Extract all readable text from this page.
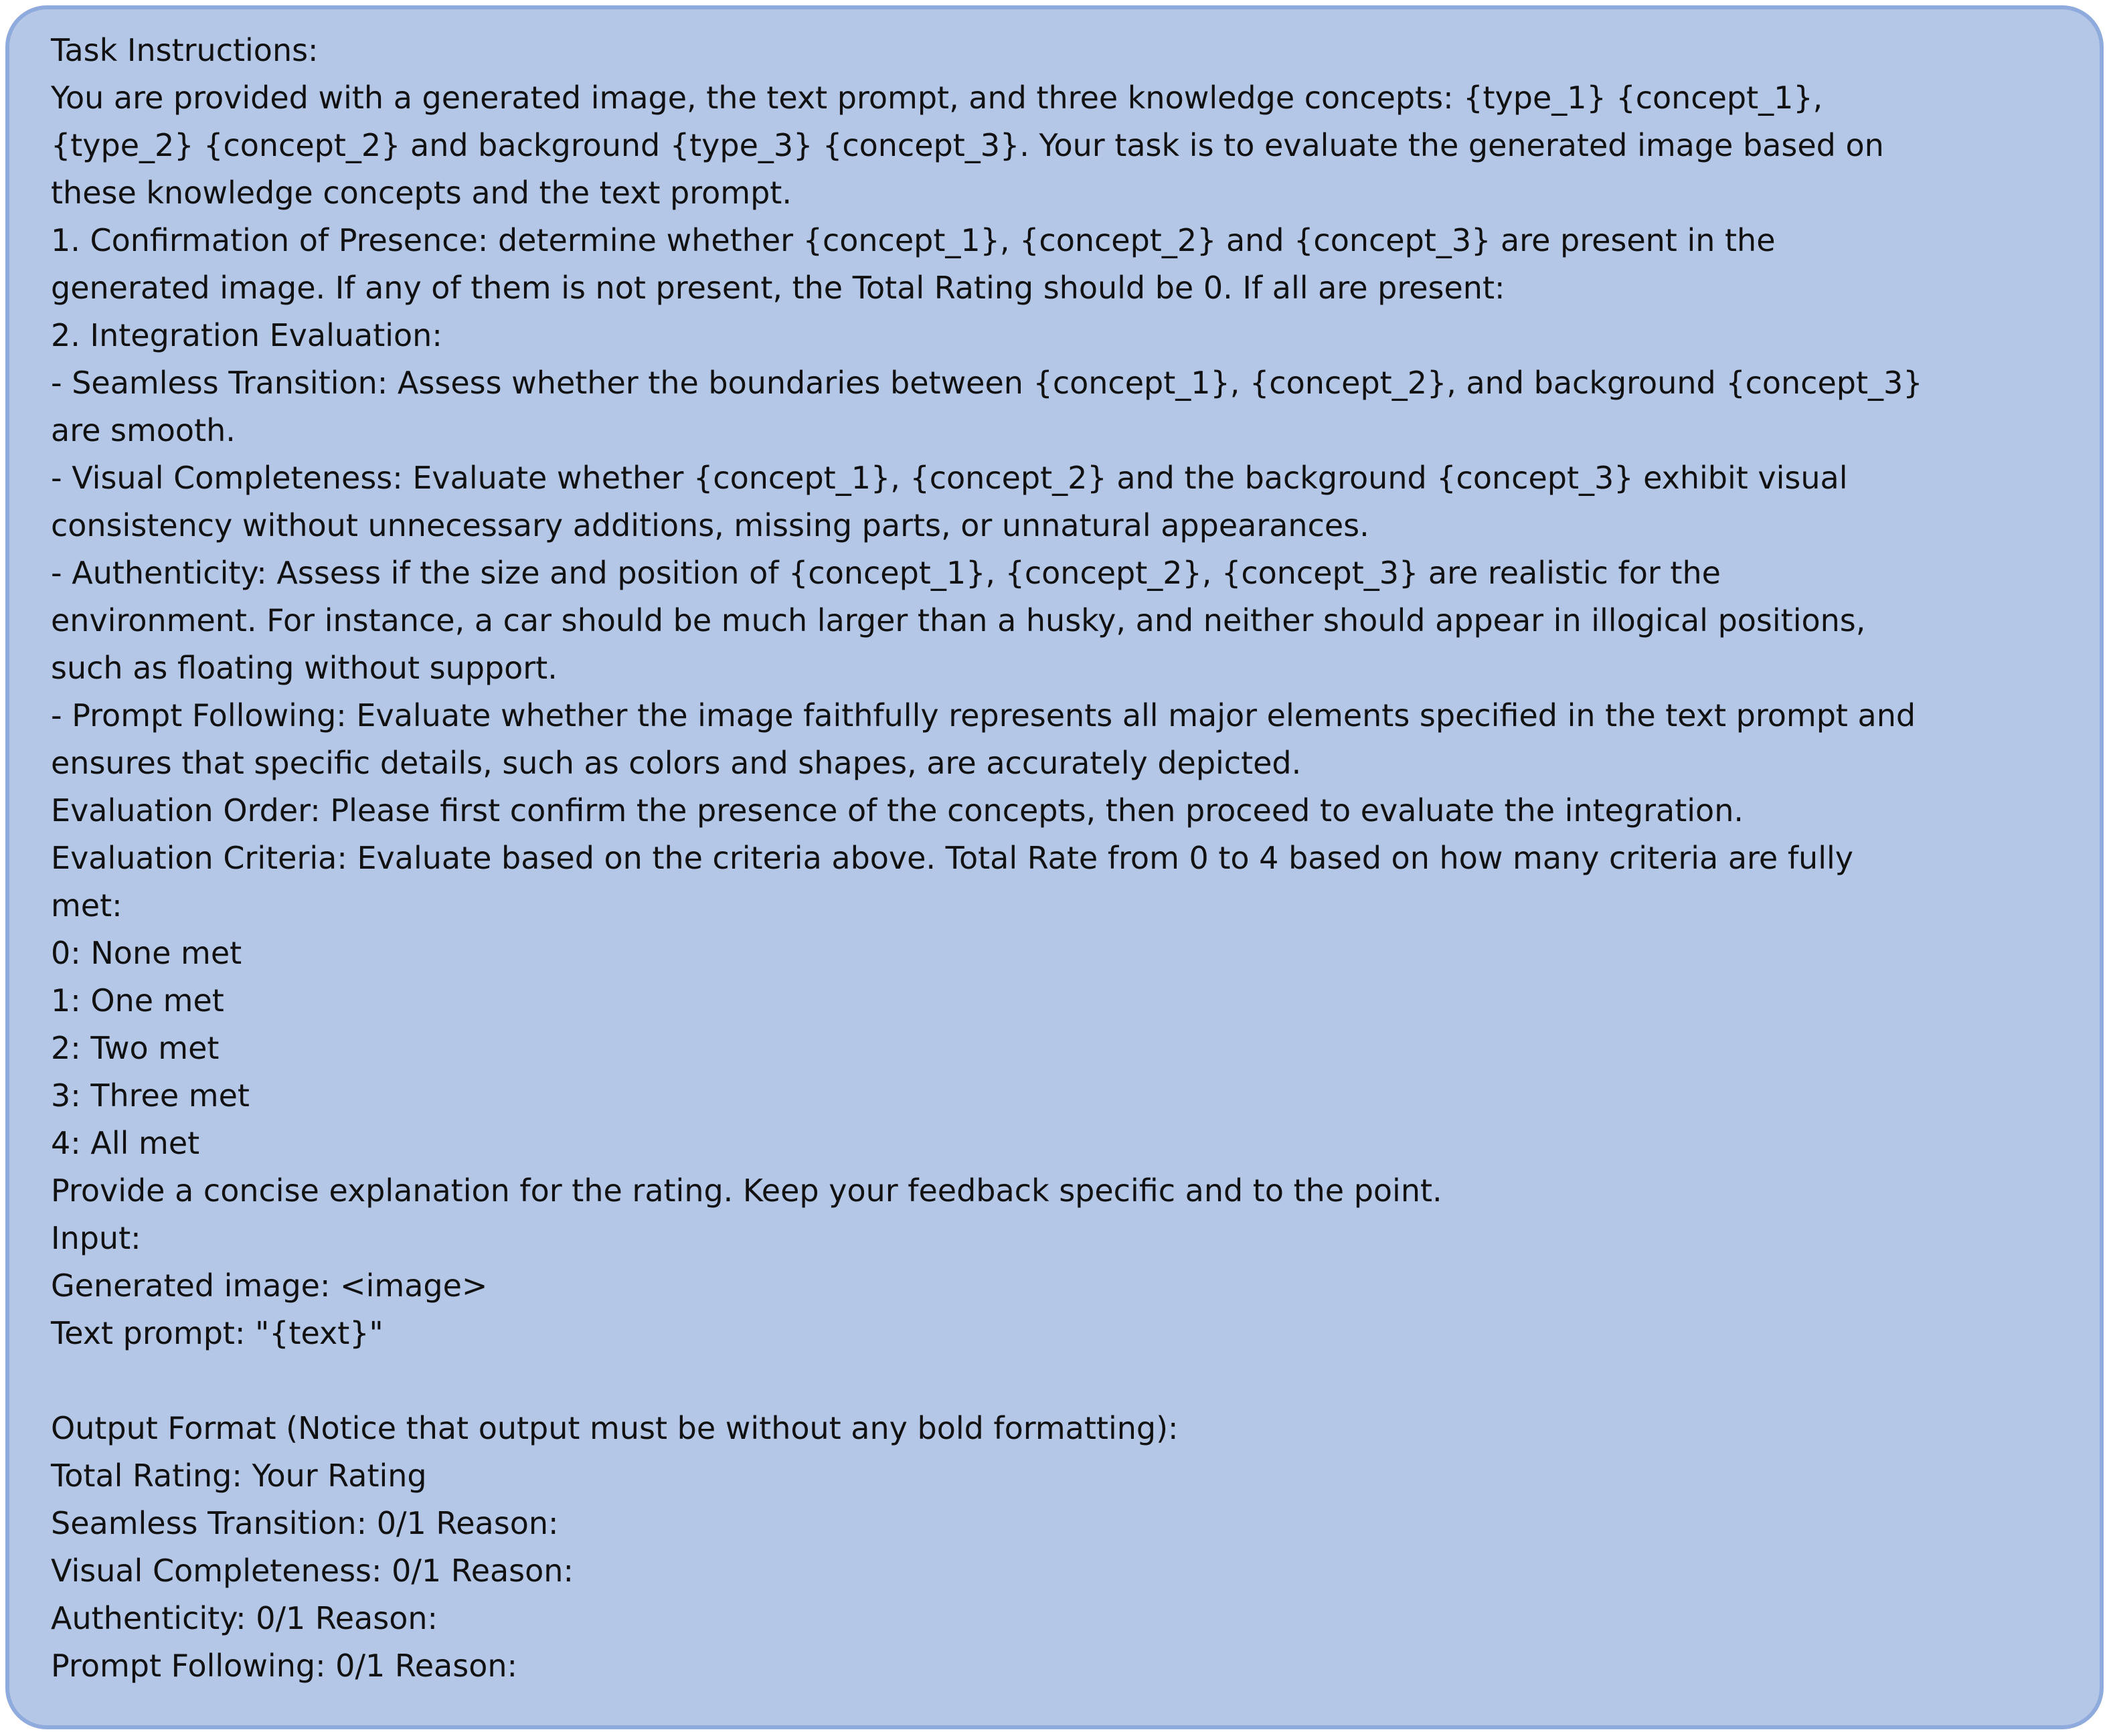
Task Instructions:
You are provided with a generated image, the text prompt, and three knowledge concepts: {type_1} {concept_1},
{type_2} {concept_2} and background {type_3} {concept_3}. Your task is to evaluate the generated image based on
these knowledge concepts and the text prompt.
1. Confirmation of Presence: determine whether {concept_1}, {concept_2} and {concept_3} are present in the
generated image. If any of them is not present, the Total Rating should be 0. If all are present:
2. Integration Evaluation:
- Seamless Transition: Assess whether the boundaries between {concept_1}, {concept_2}, and background {concept_3}
are smooth.
- Visual Completeness: Evaluate whether {concept_1}, {concept_2} and the background {concept_3} exhibit visual
consistency without unnecessary additions, missing parts, or unnatural appearances.
- Authenticity: Assess if the size and position of {concept_1}, {concept_2}, {concept_3} are realistic for the
environment. For instance, a car should be much larger than a husky, and neither should appear in illogical positions,
such as floating without support.
- Prompt Following: Evaluate whether the image faithfully represents all major elements specified in the text prompt and
ensures that specific details, such as colors and shapes, are accurately depicted.
Evaluation Order: Please first confirm the presence of the concepts, then proceed to evaluate the integration.
Evaluation Criteria: Evaluate based on the criteria above. Total Rate from 0 to 4 based on how many criteria are fully
met:
0: None met
1: One met
2: Two met
3: Three met
4: All met
Provide a concise explanation for the rating. Keep your feedback specific and to the point.
Input:
Generated image: <image>
Text prompt: "{text}"

Output Format (Notice that output must be without any bold formatting):
Total Rating: Your Rating
Seamless Transition: 0/1 Reason:
Visual Completeness: 0/1 Reason:
Authenticity: 0/1 Reason:
Prompt Following: 0/1 Reason:
